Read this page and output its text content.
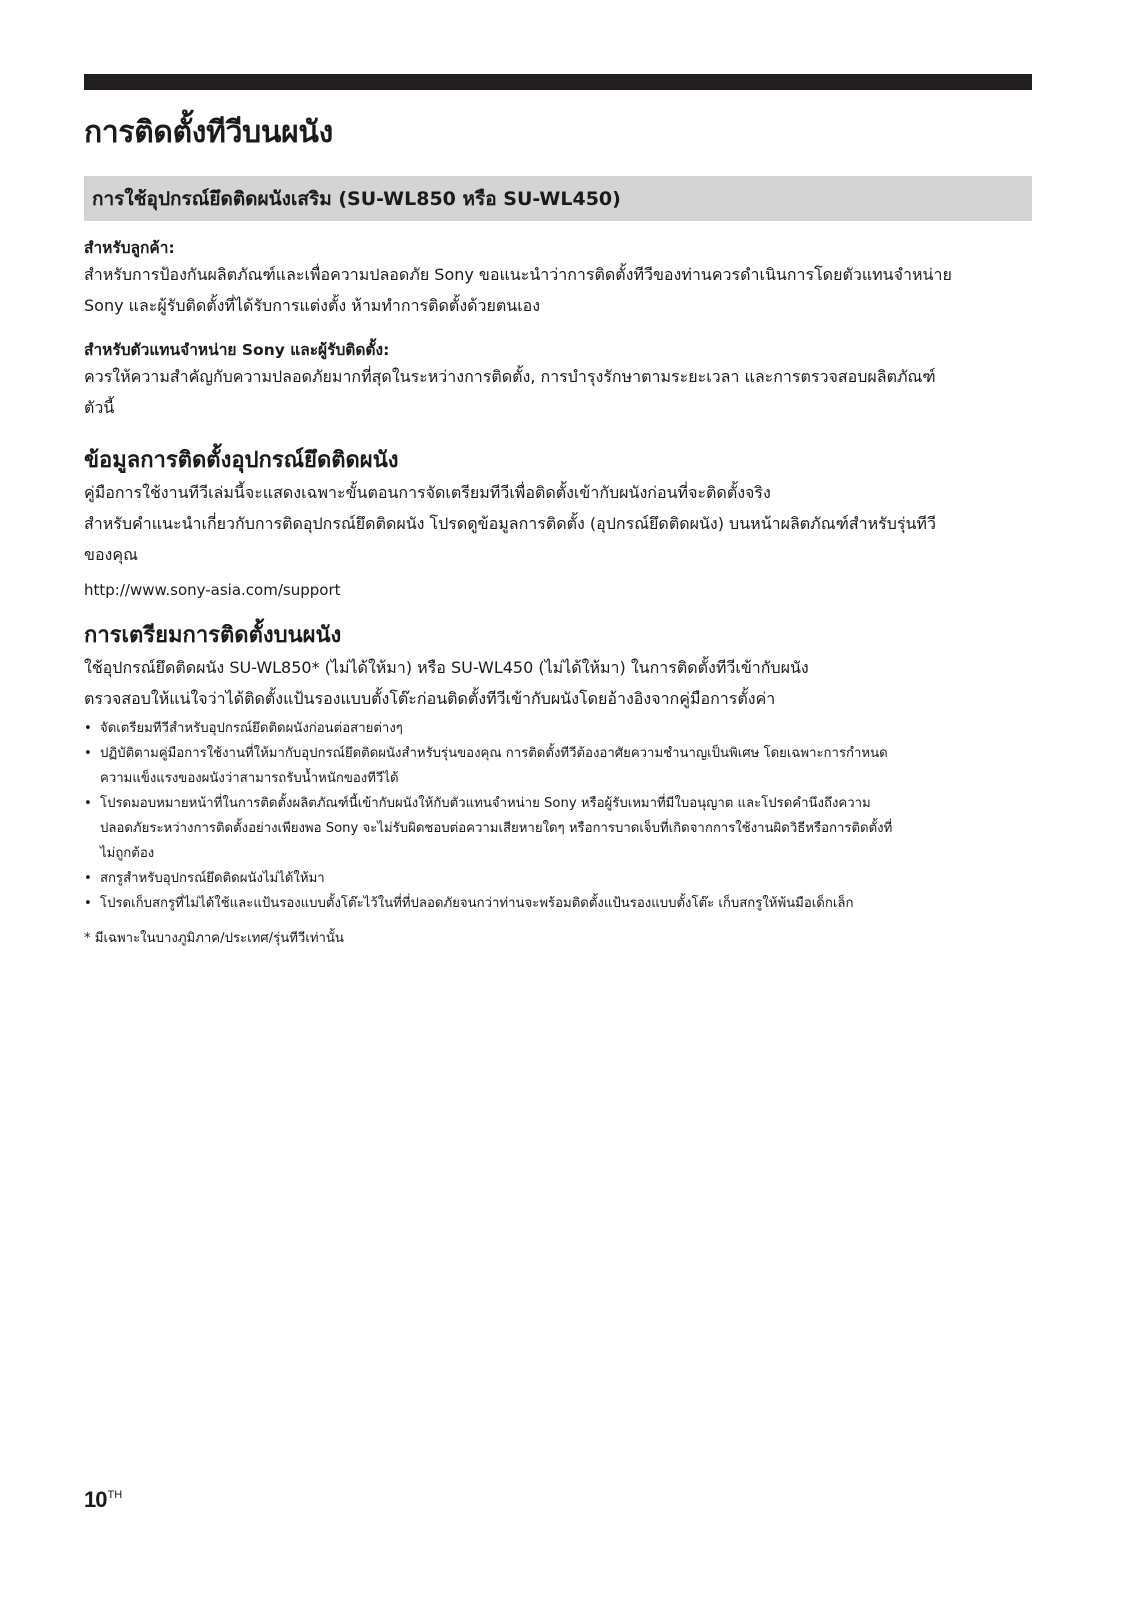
การติดตั้งทีวีบนผนัง
การใช้อุปกรณ์ยึดติดผนังเสริม (SU-WL850 หรือ SU-WL450)
สำหรับลูกค้า:

สำหรับการป้องกันผลิตภัณฑ์และเพื่อความปลอดภัย Sony ขอแนะนำว่าการติดตั้งทีวีของท่านควรดำเนินการโดยตัวแทนจำหน่าย

Sony และผู้รับติดตั้งที่ได้รับการแต่งตั้ง ห้ามทำการติดตั้งด้วยตนเอง

สำหรับตัวแทนจำหน่าย Sony และผู้รับติดตั้ง:

ควรให้ความสำคัญกับความปลอดภัยมากที่สุดในระหว่างการติดตั้ง, การบำรุงรักษาตามระยะเวลา และการตรวจสอบผลิตภัณฑ์

ตัวนี้

ข้อมูลการติดตั้งอุปกรณ์ยึดติดผนัง

คู่มือการใช้งานทีวีเล่มนี้จะแสดงเฉพาะขั้นตอนการจัดเตรียมทีวีเพื่อติดตั้งเข้ากับผนังก่อนที่จะติดตั้งจริง

สำหรับคำแนะนำเกี่ยวกับการติดอุปกรณ์ยึดติดผนัง โปรดดูข้อมูลการติดตั้ง (อุปกรณ์ยึดติดผนัง) บนหน้าผลิตภัณฑ์สำหรับรุ่นทีวี

ของคุณ

http://www.sony-asia.com/support
การเตรียมการติดตั้งบนผนัง

ใช้อุปกรณ์ยึดติดผนัง SU-WL850* (ไม่ได้ให้มา) หรือ SU-WL450 (ไม่ได้ให้มา) ในการติดตั้งทีวีเข้ากับผนัง

ตรวจสอบให้แน่ใจว่าได้ติดตั้งแป้นรองแบบตั้งโต๊ะก่อนติดตั้งทีวีเข้ากับผนังโดยอ้างอิงจากคู่มือการตั้งค่า

• จัดเตรียมทีวีสำหรับอุปกรณ์ยึดติดผนังก่อนต่อสายต่างๆ
• ปฏิบัติตามคู่มือการใช้งานที่ให้มากับอุปกรณ์ยึดติดผนังสำหรับรุ่นของคุณ การติดตั้งทีวีต้องอาศัยความชำนาญเป็นพิเศษ โดยเฉพาะการกำหนด
ความแข็งแรงของผนังว่าสามารถรับน้ำหนักของทีวีได้
• โปรดมอบหมายหน้าที่ในการติดตั้งผลิตภัณฑ์นี้เข้ากับผนังให้กับตัวแทนจำหน่าย Sony หรือผู้รับเหมาที่มีใบอนุญาต และโปรดคำนึงถึงความ
ปลอดภัยระหว่างการติดตั้งอย่างเพียงพอ Sony จะไม่รับผิดชอบต่อความเสียหายใดๆ หรือการบาดเจ็บที่เกิดจากการใช้งานผิดวิธีหรือการติดตั้งที่
ไม่ถูกต้อง
• สกรูสำหรับอุปกรณ์ยึดติดผนังไม่ได้ให้มา
• โปรดเก็บสกรูที่ไม่ได้ใช้และแป้นรองแบบตั้งโต๊ะไว้ในที่ที่ปลอดภัยจนกว่าท่านจะพร้อมติดตั้งแป้นรองแบบตั้งโต๊ะ เก็บสกรูให้พ้นมือเด็กเล็ก
* มีเฉพาะในบางภูมิภาค/ประเทศ/รุ่นทีวีเท่านั้น
10TH
